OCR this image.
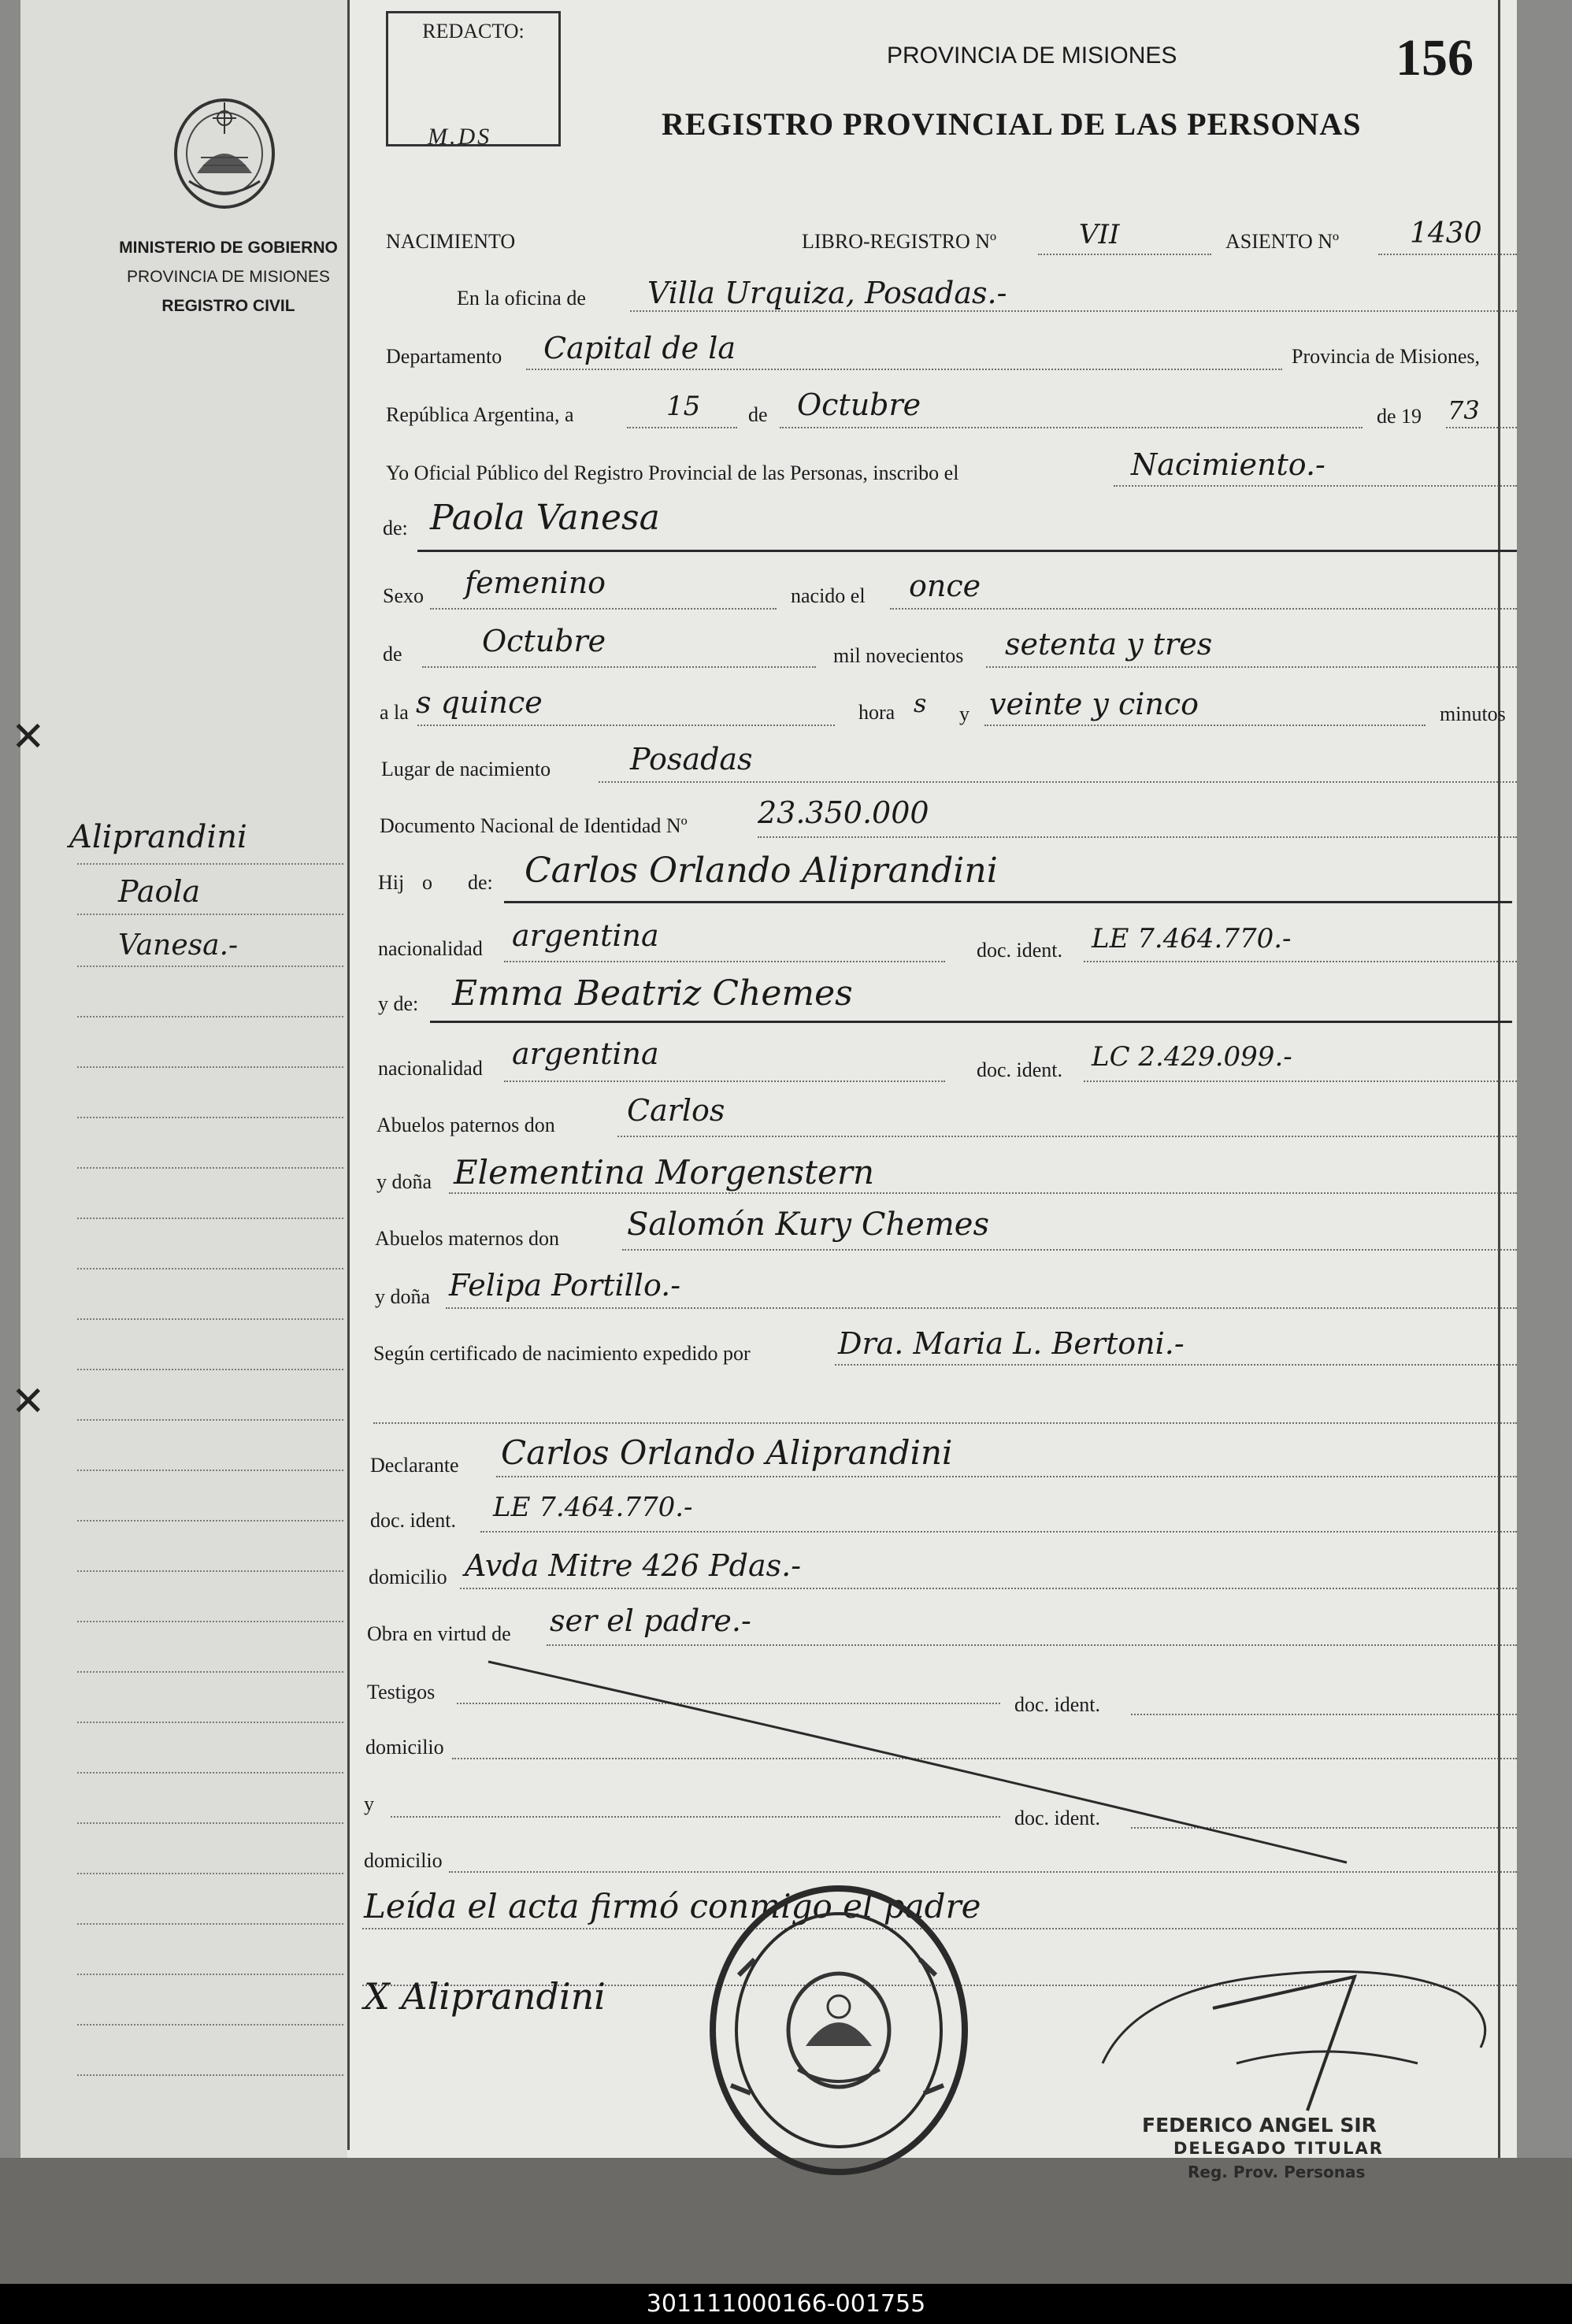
✕
✕
MINISTERIO DE GOBIERNO
PROVINCIA DE MISIONES
REGISTRO CIVIL
REDACTO:
M.DS
PROVINCIA DE MISIONES	156
REGISTRO PROVINCIAL DE LAS PERSONAS
Aliprandini
Paola
Vanesa.-
NACIMIENTO	LIBRO-REGISTRO Nº	VII	ASIENTO Nº 1430
En la oficina de Villa Urquiza, Posadas.-
Departamento Capital de la	Provincia de Misiones,
República Argentina, a	15 de Octubre	de 19 73
Yo Oficial Público del Registro Provincial de las Personas, inscribo el	Nacimiento.-
de: Paola Vanesa
Sexo femenino	nacido el once
de	Octubre	mil novecientos setenta y tres
a la s quince	hora s y veinte y cinco	minutos
Lugar de nacimiento	Posadas
Documento Nacional de Identidad Nº 23.350.000
Hij o de: Carlos Orlando Aliprandini
nacionalidad argentina	doc. ident. LE 7.464.770.-
y de: Emma Beatriz Chemes
nacionalidad argentina	doc. ident. LC 2.429.099.-
Abuelos paternos don Carlos
y doña Elementina Morgenstern
Abuelos maternos don Salomón Kury Chemes
y doña Felipa Portillo.-
Según certificado de nacimiento expedido por	Dra. Maria L. Bertoni.-
Declarante Carlos Orlando Aliprandini
doc. ident. LE 7.464.770.-
domicilio Avda Mitre 426 Pdas.-
Obra en virtud de ser el padre.-
Testigos
doc. ident.
domicilio
y
doc. ident.
domicilio
Leída el acta firmó conmigo el padre
X Aliprandini
FEDERICO ANGEL SIR
DELEGADO TITULAR
Reg. Prov. Personas
301111000166-001755
